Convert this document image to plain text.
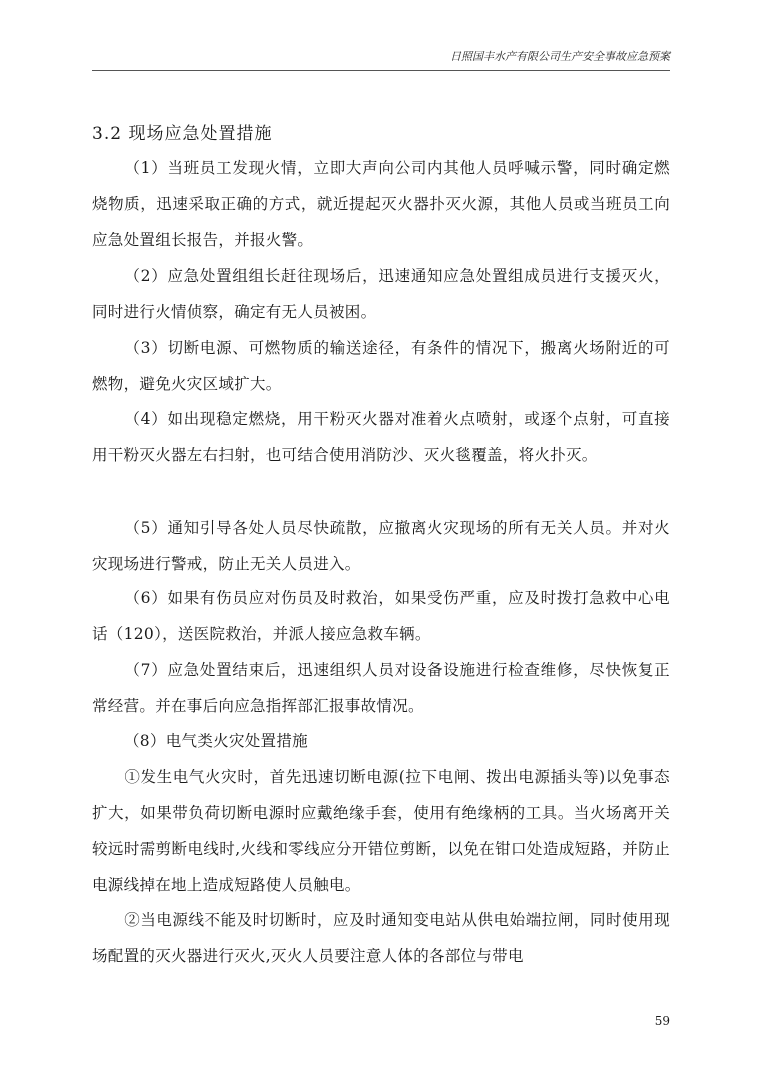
日照国丰水产有限公司生产安全事故应急预案
3.2 现场应急处置措施
（1）当班员工发现火情，立即大声向公司内其他人员呼喊示警，同时确定燃烧物质，迅速采取正确的方式，就近提起灭火器扑灭火源，其他人员或当班员工向应急处置组长报告，并报火警。
（2）应急处置组组长赶往现场后，迅速通知应急处置组成员进行支援灭火，同时进行火情侦察，确定有无人员被困。
（3）切断电源、可燃物质的输送途径，有条件的情况下，搬离火场附近的可燃物，避免火灾区域扩大。
（4）如出现稳定燃烧，用干粉灭火器对准着火点喷射，或逐个点射，可直接用干粉灭火器左右扫射，也可结合使用消防沙、灭火毯覆盖，将火扑灭。
（5）通知引导各处人员尽快疏散，应撤离火灾现场的所有无关人员。并对火灾现场进行警戒，防止无关人员进入。
（6）如果有伤员应对伤员及时救治，如果受伤严重，应及时拨打急救中心电话（120），送医院救治，并派人接应急救车辆。
（7）应急处置结束后，迅速组织人员对设备设施进行检查维修，尽快恢复正常经营。并在事后向应急指挥部汇报事故情况。
（8）电气类火灾处置措施
①发生电气火灾时，首先迅速切断电源(拉下电闸、拨出电源插头等)以免事态扩大，如果带负荷切断电源时应戴绝缘手套，使用有绝缘柄的工具。当火场离开关较远时需剪断电线时,火线和零线应分开错位剪断，以免在钳口处造成短路，并防止电源线掉在地上造成短路使人员触电。
②当电源线不能及时切断时，应及时通知变电站从供电始端拉闸，同时使用现场配置的灭火器进行灭火,灭火人员要注意人体的各部位与带电
59
